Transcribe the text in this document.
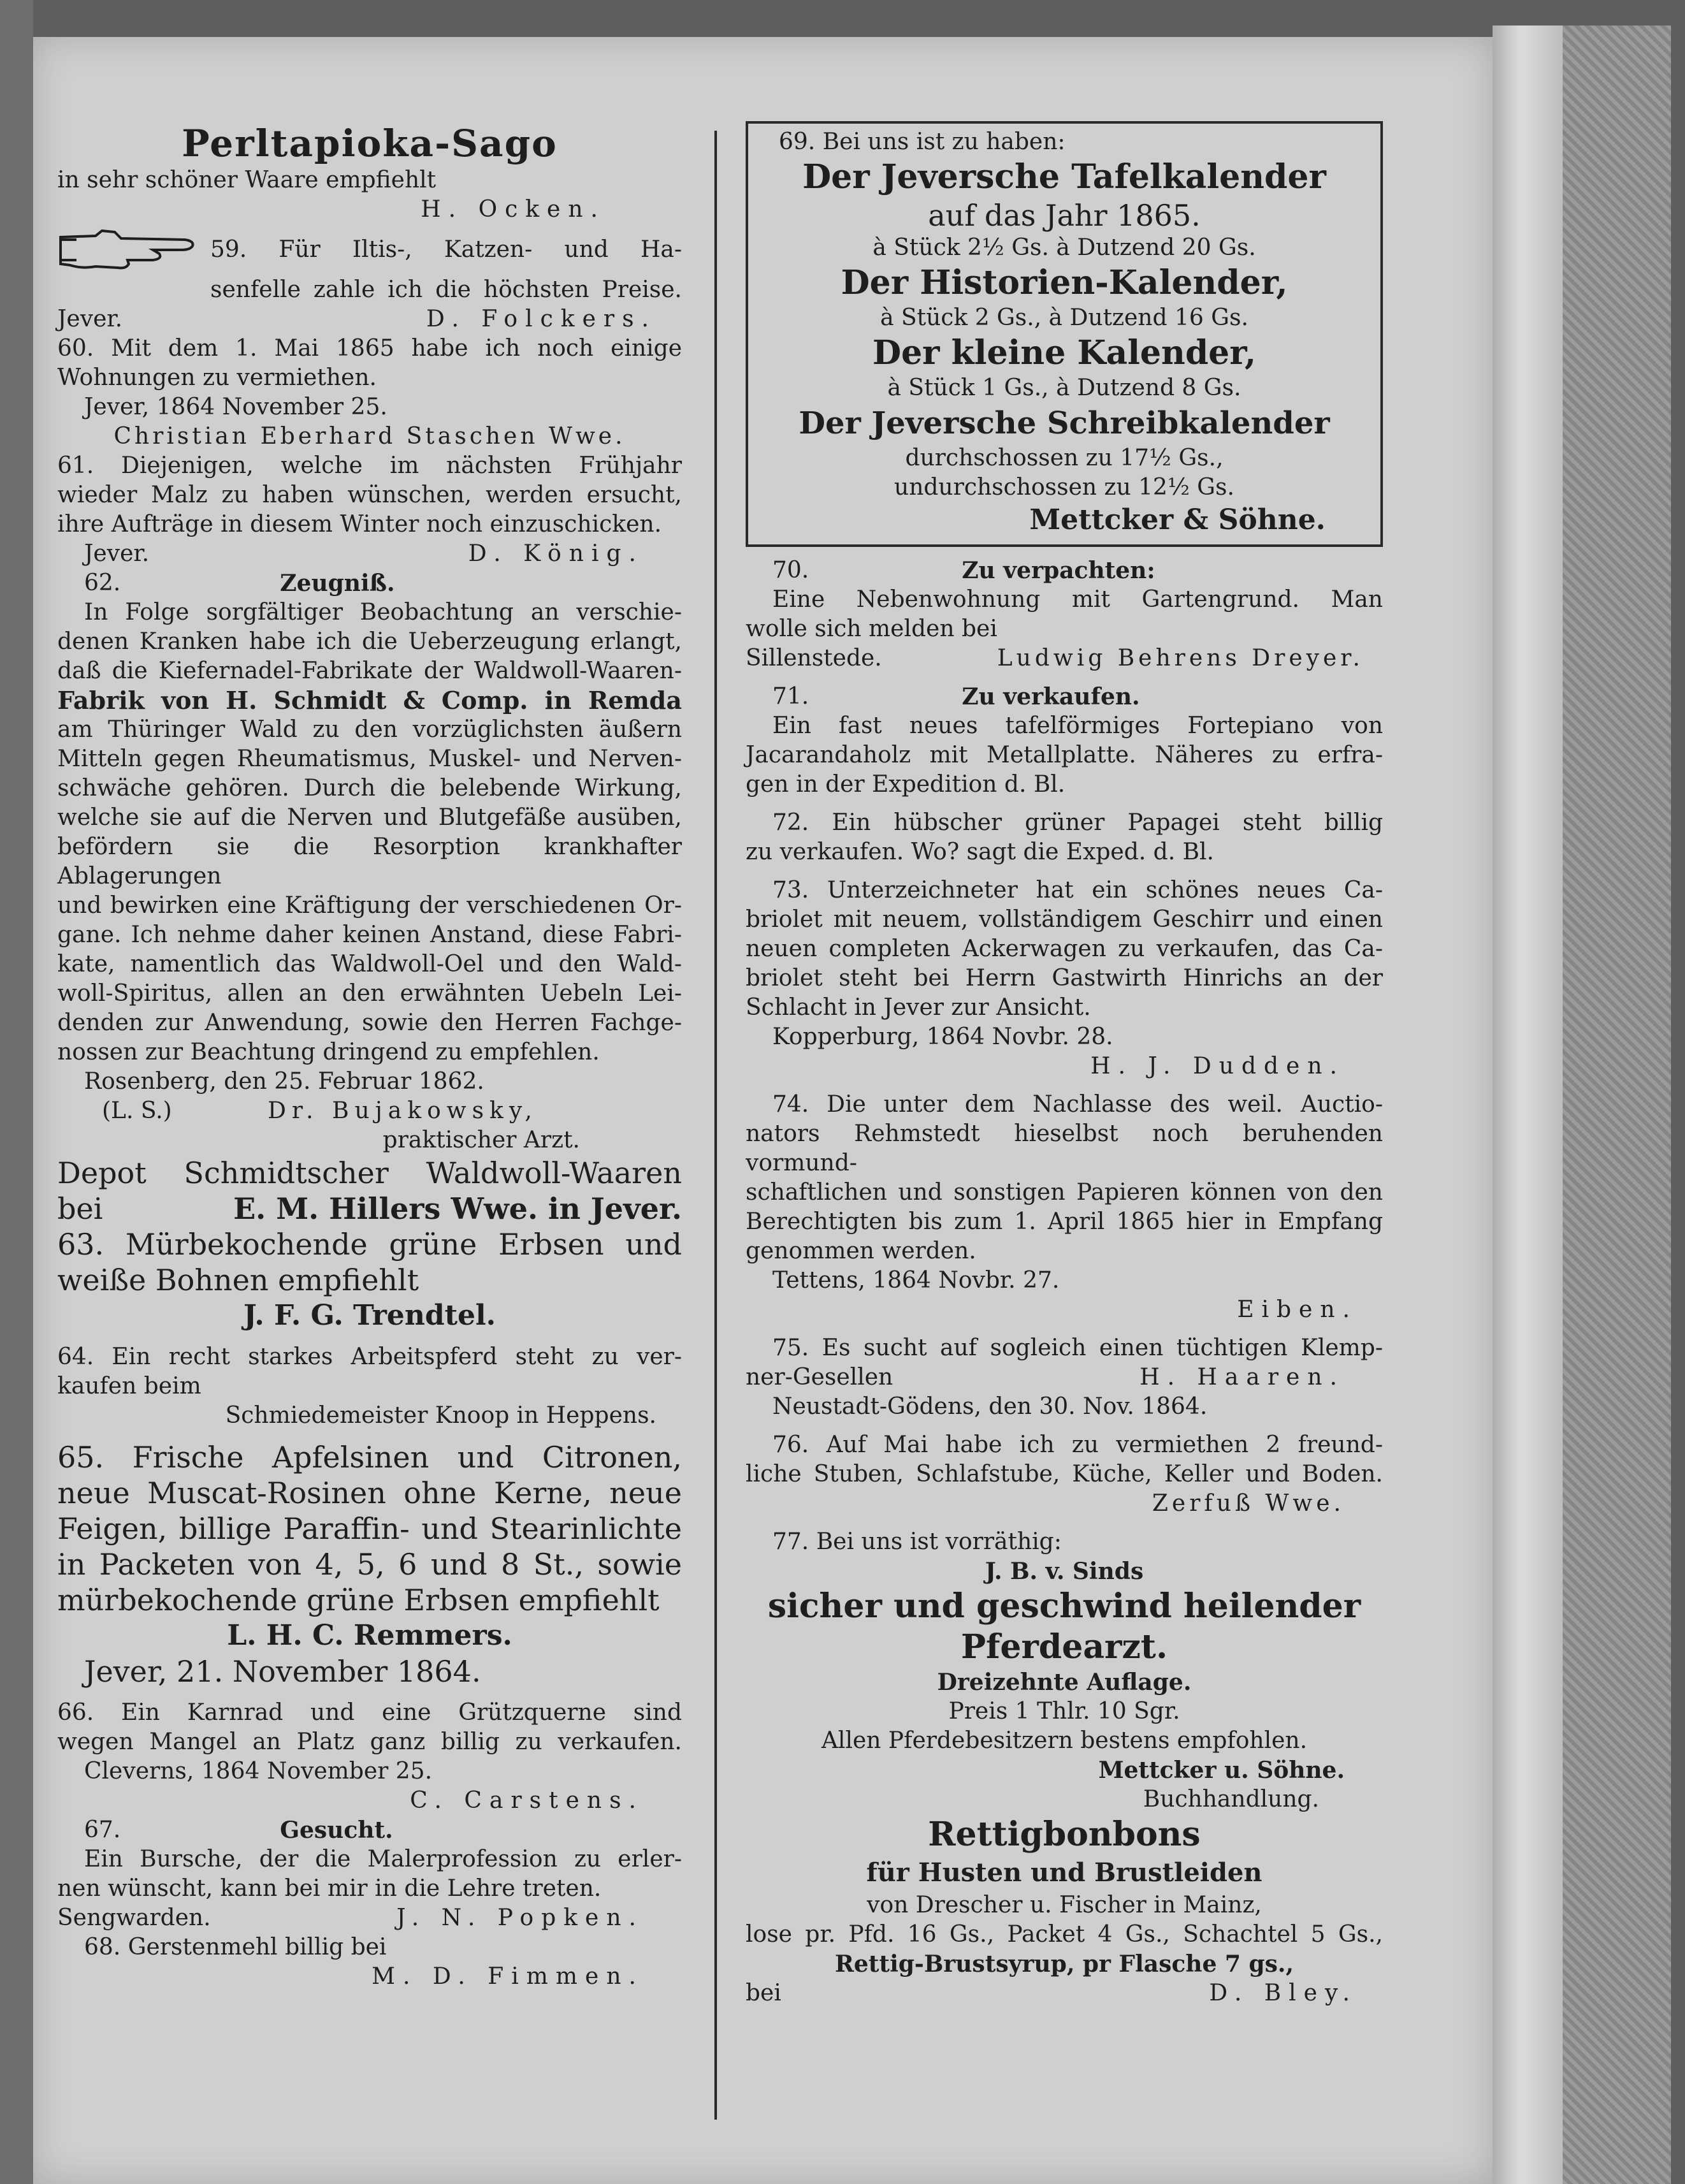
Perltapioka-Sago
in sehr schöner Waare empfiehlt
H. Ocken.
59. Für Iltis-, Katzen- und Ha-
senfelle zahle ich die höchsten Preise.
Jever.	D. Folckers.
60. Mit dem 1. Mai 1865 habe ich noch einige
Wohnungen zu vermiethen.
Jever, 1864 November 25.
Christian Eberhard Staschen Wwe.
61. Diejenigen, welche im nächsten Frühjahr
wieder Malz zu haben wünschen, werden ersucht,
ihre Aufträge in diesem Winter noch einzuschicken.
Jever.	D. König.
62.	Zeugniß.
In Folge sorgfältiger Beobachtung an verschie-
denen Kranken habe ich die Ueberzeugung erlangt,
daß die Kiefernadel-Fabrikate der Waldwoll-Waaren-
Fabrik von H. Schmidt & Comp. in Remda
am Thüringer Wald zu den vorzüglichsten äußern
Mitteln gegen Rheumatismus, Muskel- und Nerven-
schwäche gehören. Durch die belebende Wirkung,
welche sie auf die Nerven und Blutgefäße ausüben,
befördern sie die Resorption krankhafter Ablagerungen
und bewirken eine Kräftigung der verschiedenen Or-
gane. Ich nehme daher keinen Anstand, diese Fabri-
kate, namentlich das Waldwoll-Oel und den Wald-
woll-Spiritus, allen an den erwähnten Uebeln Lei-
denden zur Anwendung, sowie den Herren Fachge-
nossen zur Beachtung dringend zu empfehlen.
Rosenberg, den 25. Februar 1862.
(L. S.)	Dr. Bujakowsky,
praktischer Arzt.
Depot Schmidtscher Waldwoll-Waaren
bei	E. M. Hillers Wwe. in Jever.
63. Mürbekochende grüne Erbsen und
weiße Bohnen empfiehlt
J. F. G. Trendtel.
64. Ein recht starkes Arbeitspferd steht zu ver-
kaufen beim
Schmiedemeister Knoop in Heppens.
65. Frische Apfelsinen und Citronen,
neue Muscat-Rosinen ohne Kerne, neue
Feigen, billige Paraffin- und Stearinlichte
in Packeten von 4, 5, 6 und 8 St., sowie
mürbekochende grüne Erbsen empfiehlt
L. H. C. Remmers.
Jever, 21. November 1864.
66. Ein Karnrad und eine Grützquerne sind
wegen Mangel an Platz ganz billig zu verkaufen.
Cleverns, 1864 November 25.
C. Carstens.
67.	Gesucht.
Ein Bursche, der die Malerprofession zu erler-
nen wünscht, kann bei mir in die Lehre treten.
Sengwarden.	J. N. Popken.
68. Gerstenmehl billig bei
M. D. Fimmen.
69. Bei uns ist zu haben:
Der Jeversche Tafelkalender
auf das Jahr 1865.
à Stück 2½ Gs. à Dutzend 20 Gs.
Der Historien-Kalender,
à Stück 2 Gs., à Dutzend 16 Gs.
Der kleine Kalender,
à Stück 1 Gs., à Dutzend 8 Gs.
Der Jeversche Schreibkalender
durchschossen zu 17½ Gs.,
undurchschossen zu 12½ Gs.
Mettcker & Söhne.
70.	Zu verpachten:
Eine Nebenwohnung mit Gartengrund. Man
wolle sich melden bei
Sillenstede.	Ludwig Behrens Dreyer.
71.	Zu verkaufen.
Ein fast neues tafelförmiges Fortepiano von
Jacarandaholz mit Metallplatte. Näheres zu erfra-
gen in der Expedition d. Bl.
72. Ein hübscher grüner Papagei steht billig
zu verkaufen. Wo? sagt die Exped. d. Bl.
73. Unterzeichneter hat ein schönes neues Ca-
briolet mit neuem, vollständigem Geschirr und einen
neuen completen Ackerwagen zu verkaufen, das Ca-
briolet steht bei Herrn Gastwirth Hinrichs an der
Schlacht in Jever zur Ansicht.
Kopperburg, 1864 Novbr. 28.
H. J. Dudden.
74. Die unter dem Nachlasse des weil. Auctio-
nators Rehmstedt hieselbst noch beruhenden vormund-
schaftlichen und sonstigen Papieren können von den
Berechtigten bis zum 1. April 1865 hier in Empfang
genommen werden.
Tettens, 1864 Novbr. 27.
Eiben.
75. Es sucht auf sogleich einen tüchtigen Klemp-
ner-Gesellen	H. Haaren.
Neustadt-Gödens, den 30. Nov. 1864.
76. Auf Mai habe ich zu vermiethen 2 freund-
liche Stuben, Schlafstube, Küche, Keller und Boden.
Zerfuß Wwe.
77. Bei uns ist vorräthig:
J. B. v. Sinds
sicher und geschwind heilender
Pferdearzt.
Dreizehnte Auflage.
Preis 1 Thlr. 10 Sgr.
Allen Pferdebesitzern bestens empfohlen.
Mettcker u. Söhne.
Buchhandlung.
Rettigbonbons
für Husten und Brustleiden
von Drescher u. Fischer in Mainz,
lose pr. Pfd. 16 Gs., Packet 4 Gs., Schachtel 5 Gs.,
Rettig-Brustsyrup, pr Flasche 7 gs.,
bei	D. Bley.
